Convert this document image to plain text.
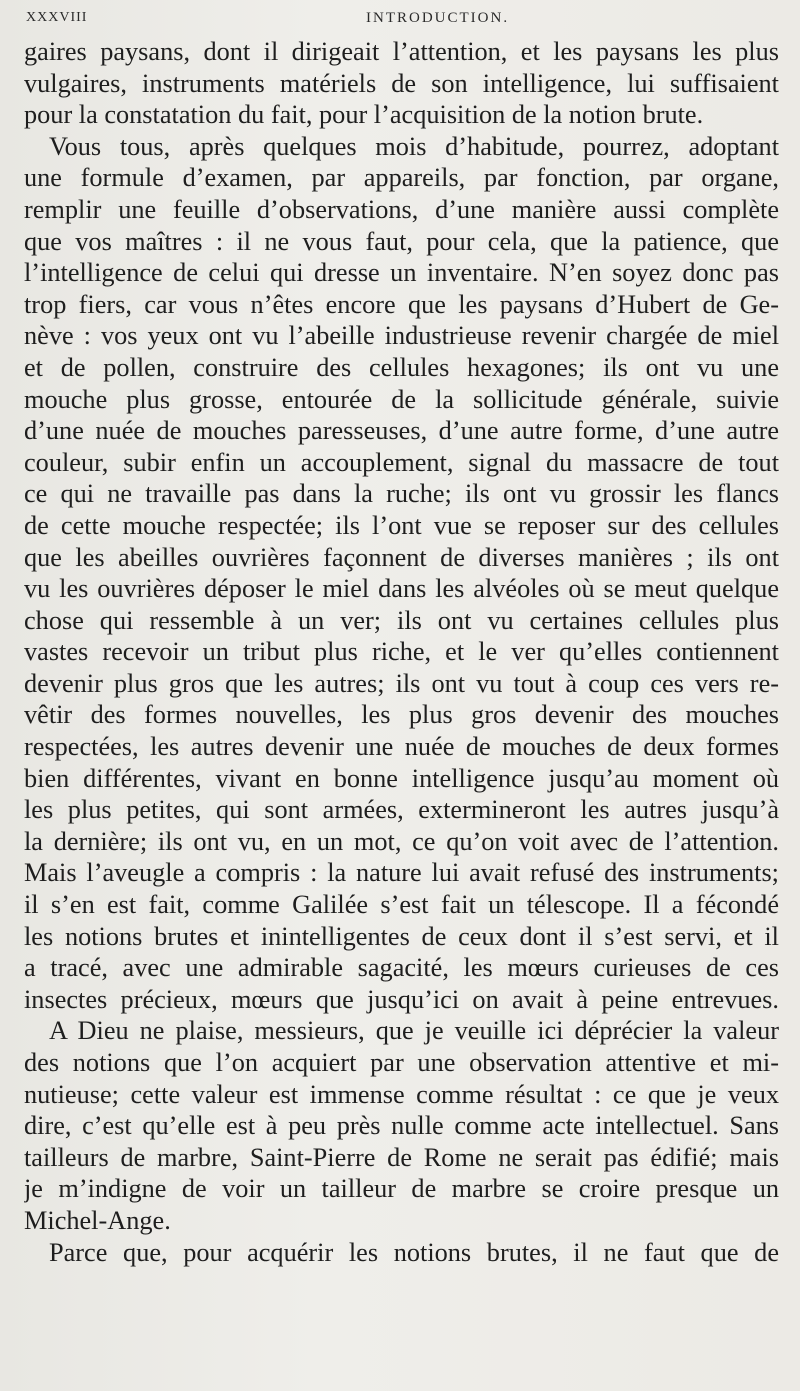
XXXVIII	INTRODUCTION.
gaires paysans, dont il dirigeait l’attention, et les paysans les plus
vulgaires, instruments matériels de son intelligence, lui suffisaient
pour la constatation du fait, pour l’acquisition de la notion brute.
Vous tous, après quelques mois d’habitude, pourrez, adoptant
une formule d’examen, par appareils, par fonction, par organe,
remplir une feuille d’observations, d’une manière aussi complète
que vos maîtres : il ne vous faut, pour cela, que la patience, que
l’intelligence de celui qui dresse un inventaire. N’en soyez donc pas
trop fiers, car vous n’êtes encore que les paysans d’Hubert de Ge-
nève : vos yeux ont vu l’abeille industrieuse revenir chargée de miel
et de pollen, construire des cellules hexagones; ils ont vu une
mouche plus grosse, entourée de la sollicitude générale, suivie
d’une nuée de mouches paresseuses, d’une autre forme, d’une autre
couleur, subir enfin un accouplement, signal du massacre de tout
ce qui ne travaille pas dans la ruche; ils ont vu grossir les flancs
de cette mouche respectée; ils l’ont vue se reposer sur des cellules
que les abeilles ouvrières façonnent de diverses manières ; ils ont
vu les ouvrières déposer le miel dans les alvéoles où se meut quelque
chose qui ressemble à un ver; ils ont vu certaines cellules plus
vastes recevoir un tribut plus riche, et le ver qu’elles contiennent
devenir plus gros que les autres; ils ont vu tout à coup ces vers re-
vêtir des formes nouvelles, les plus gros devenir des mouches
respectées, les autres devenir une nuée de mouches de deux formes
bien différentes, vivant en bonne intelligence jusqu’au moment où
les plus petites, qui sont armées, extermineront les autres jusqu’à
la dernière; ils ont vu, en un mot, ce qu’on voit avec de l’attention.
Mais l’aveugle a compris : la nature lui avait refusé des instruments;
il s’en est fait, comme Galilée s’est fait un télescope. Il a fécondé
les notions brutes et inintelligentes de ceux dont il s’est servi, et il
a tracé, avec une admirable sagacité, les mœurs curieuses de ces
insectes précieux, mœurs que jusqu’ici on avait à peine entrevues.
A Dieu ne plaise, messieurs, que je veuille ici déprécier la valeur
des notions que l’on acquiert par une observation attentive et mi-
nutieuse; cette valeur est immense comme résultat : ce que je veux
dire, c’est qu’elle est à peu près nulle comme acte intellectuel. Sans
tailleurs de marbre, Saint-Pierre de Rome ne serait pas édifié; mais
je m’indigne de voir un tailleur de marbre se croire presque un
Michel-Ange.
Parce que, pour acquérir les notions brutes, il ne faut que de
